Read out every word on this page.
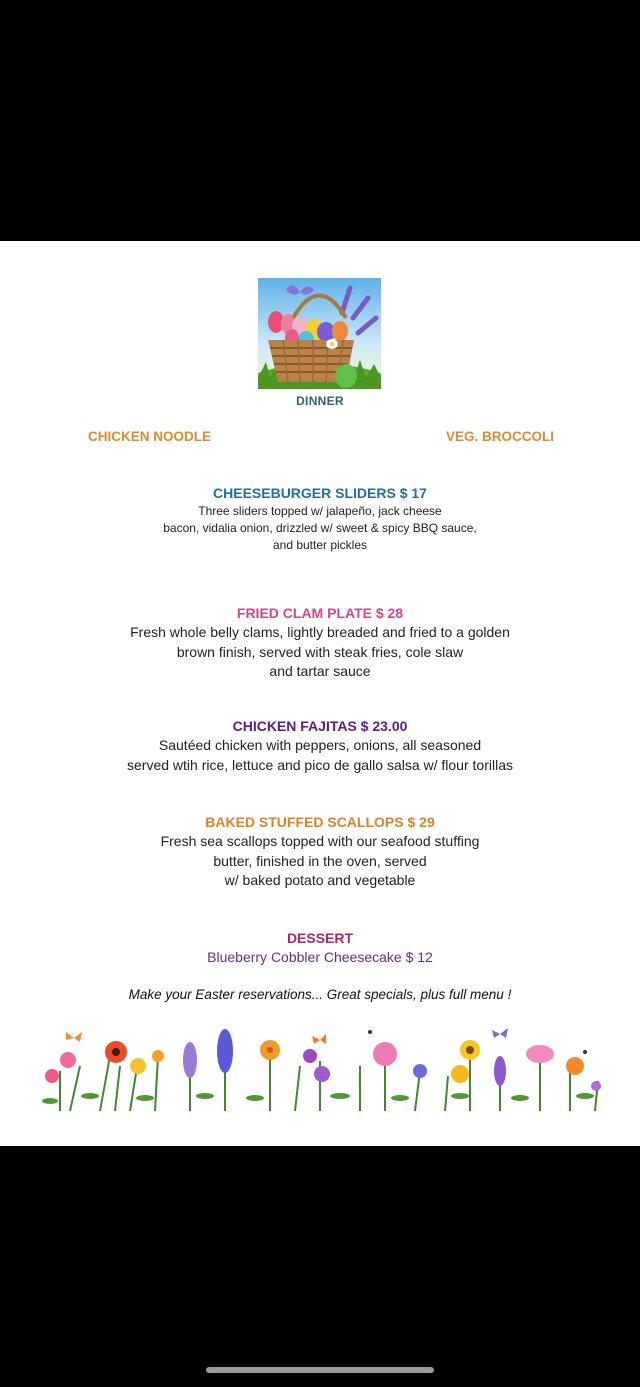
DINNER
CHICKEN NOODLE	VEG. BROCCOLI
CHEESEBURGER SLIDERS $ 17
Three sliders topped w/ jalapeño, jack cheese
bacon, vidalia onion, drizzled w/ sweet & spicy BBQ sauce,
and butter pickles
FRIED CLAM PLATE $ 28
Fresh whole belly clams, lightly breaded and fried to a golden
brown finish, served with steak fries, cole slaw
and tartar sauce
CHICKEN FAJITAS $ 23.00
Sautéed chicken with peppers, onions, all seasoned
served wtih rice, lettuce and pico de gallo salsa w/ flour torillas
BAKED STUFFED SCALLOPS $ 29
Fresh sea scallops topped with our seafood stuffing
butter, finished in the oven, served
w/ baked potato and vegetable
DESSERT
Blueberry Cobbler Cheesecake $ 12
Make your Easter reservations... Great specials, plus full menu !
